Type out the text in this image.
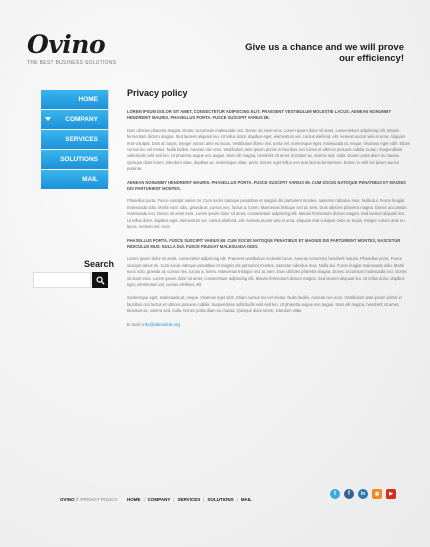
Ovino
THE BEST BUSINESS SOLUTIONS
Give us a chance and we will prove our efficiency!
HOME
COMPANY
SERVICES
SOLUTIONS
MAIL
Search
Privacy policy

LOREM IPSUM DOLOR SIT AMET, CONSECTETUR ADIPISCING ELIT. PRAESENT VESTIBULUM MOLESTIE LACUS. AENEAN NONUMMY HENDRERIT MAURIS. PHASELLUS PORTA. FUSCE SUSCIPIT VARIUS MI.

Duis ultricies pharetra magna. Donec accumsan malesuada orci. Donec sit amet eros. Lorem ipsum dolor sit amet, consectetuer adipiscing elit. Mauris fermentum dictum magna. Sed laoreet aliquam leo. Ut tellus dolor, dapibus eget, elementum vel, cursus eleifend, elit. Aenean auctor wisi et urna. Aliquam erat volutpat. Duis ac turpis. Integer rutrum ante eu lacus. Vestibulum libero nisl, porta vel, scelerisque eget, malesuada at, neque. Vivamus eget nibh. Etiam cursus leo vel metus. Nulla facilisi. Aenean nec eros. Vestibulum ante ipsum primis in faucibus orci luctus et ultrices posuere cubilia Curae; Suspendisse sollicitudin velit sed leo. Ut pharetra augue nec augue. Nam elit magna, hendrerit sit amet, tincidunt ac, viverra sed, nulla. Donec porta diam eu massa. Quisque diam lorem, interdum vitae, dapibus ac, scelerisque vitae, pede. Donec eget tellus non erat lacinia fermentum. Donec in velit vel ipsum auctor pulvinar.

AENEAN NONUMMY HENDRERIT MAURIS. PHASELLUS PORTA. FUSCE SUSCIPIT VARIUS MI. CUM SOCIIS NATOQUE PENATIBUS ET MAGNIS DIS PARTURIENT MONTES.

Phasellus porta. Fusce suscipit varius mi. Cum sociis natoque penatibus et magnis dis parturient montes, nascetur ridiculus mus. Nulla dui. Fusce feugiat malesuada odio. Morbi nunc odio, gravida at, cursus nec, luctus a, lorem. Maecenas tristique orci ac sem. Duis ultricies pharetra magna. Donec accumsan malesuada orci. Donec sit amet eros. Lorem ipsum dolor sit amet, consectetuer adipiscing elit. Mauris fermentum dictum magna. Sed laoreet aliquam leo. Ut tellus dolor, dapibus eget, elementum vel, cursus eleifend, elit. Aenean auctor wisi et urna. Aliquam erat volutpat. Duis ac turpis. Integer rutrum ante eu lacus. Aenean nec eros.

PHASELLUS PORTA. FUSCE SUSCIPIT VARIUS MI. CUM SOCIIS NATOQUE PENATIBUS ET MAGNIS DIS PARTURIENT MONTES, NASCETUR RIDICULUS MUS. NULLA DUI. FUSCE FEUGIAT MALESUADA ODIO.

Lorem ipsum dolor sit amet, consectetur adipiscing elit. Praesent vestibulum molestie lacus. Aenean nonummy hendrerit mauris. Phasellus porta. Fusce suscipit varius mi. Cum sociis natoque penatibus et magnis dis parturient montes, nascetur ridiculus mus. Nulla dui. Fusce feugiat malesuada odio. Morbi nunc odio, gravida at, cursus nec, luctus a, lorem. Maecenas tristique orci ac sem. Duis ultricies pharetra magna. Donec accumsan malesuada orci. Donec sit amet eros. Lorem ipsum dolor sit amet, consectetuer adipiscing elit. Mauris fermentum dictum magna. Sed laoreet aliquam leo. Ut tellus dolor, dapibus eget, elementum vel, cursus eleifend, elit.

Scelerisque eget, malesuada at, neque. Vivamus eget nibh. Etiam cursus leo vel metus. Nulla facilisi. Aenean nec eros. Vestibulum ante ipsum primis in faucibus orci luctus et ultrices posuere cubilia. Suspendisse sollicitudin velit sed leo. Ut pharetra augue nec augue. Nam elit magna, hendrerit sit amet, tincidunt ac, viverra sed, nulla. Donec porta diam eu massa. Quisque diam lorem, interdum vitae.

E-mail: info@demolink.org
OVINO © PRIVACY POLICY HOME | COMPANY | SERVICES | SOLUTIONS | MAIL
t	f	in	◉	▶
